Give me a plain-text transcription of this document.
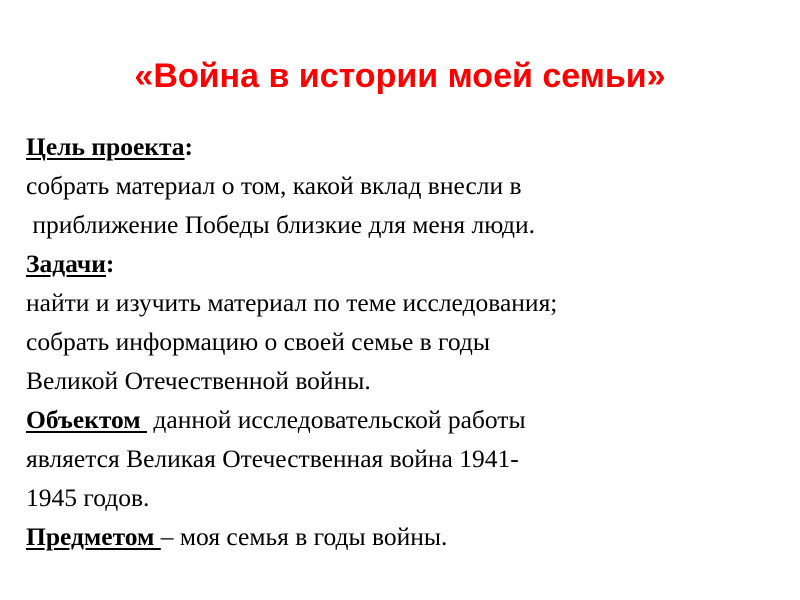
«Война в истории моей семьи»
Цель проекта:
собрать материал о том, какой вклад внесли в
приближение Победы близкие для меня люди.
Задачи:
найти и изучить материал по теме исследования;
собрать информацию о своей семье в годы
Великой Отечественной войны.
Объектом  данной исследовательской работы
является Великая Отечественная война 1941-
1945 годов.
Предметом – моя семья в годы войны.
